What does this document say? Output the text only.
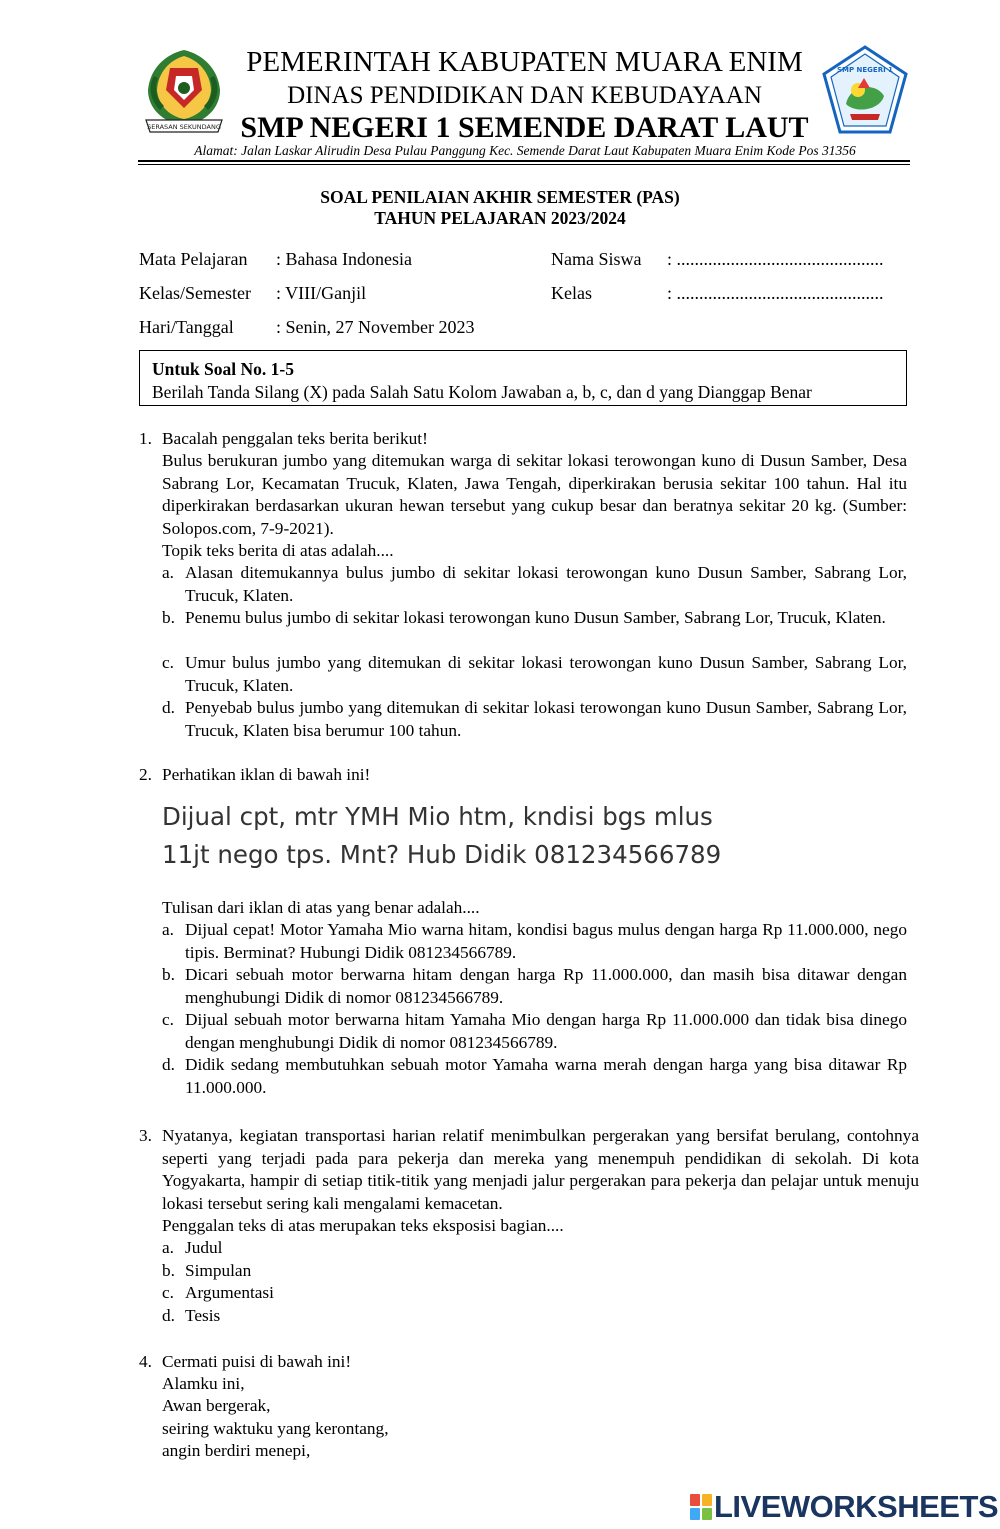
SERASAN SEKUNDANG
PEMERINTAH KABUPATEN MUARA ENIM
DINAS PENDIDIKAN DAN KEBUDAYAAN
SMP NEGERI 1 SEMENDE DARAT LAUT
SMP NEGERI 1
Alamat: Jalan Laskar Alirudin Desa Pulau Panggung Kec. Semende Darat Laut Kabupaten Muara Enim Kode Pos 31356
SOAL PENILAIAN AKHIR SEMESTER (PAS)
TAHUN PELAJARAN 2023/2024
Mata Pelajaran : Bahasa Indonesia
Kelas/Semester : VIII/Ganjil
Hari/Tanggal : Senin, 27 November 2023
Nama Siswa : ..............................................
Kelas	: ..............................................
Untuk Soal No. 1-5
Berilah Tanda Silang (X) pada Salah Satu Kolom Jawaban a, b, c, dan d yang Dianggap Benar
1. Bacalah penggalan teks berita berikut!
Bulus berukuran jumbo yang ditemukan warga di sekitar lokasi terowongan kuno di Dusun Samber, Desa Sabrang Lor, Kecamatan Trucuk, Klaten, Jawa Tengah, diperkirakan berusia sekitar 100 tahun. Hal itu diperkirakan berdasarkan ukuran hewan tersebut yang cukup besar dan beratnya sekitar 20 kg. (Sumber: Solopos.com, 7-9-2021).
Topik teks berita di atas adalah....
a. Alasan ditemukannya bulus jumbo di sekitar lokasi terowongan kuno Dusun Samber, Sabrang Lor, Trucuk, Klaten.
b. Penemu bulus jumbo di sekitar lokasi terowongan kuno Dusun Samber, Sabrang Lor, Trucuk, Klaten.
c. Umur bulus jumbo yang ditemukan di sekitar lokasi terowongan kuno Dusun Samber, Sabrang Lor, Trucuk, Klaten.
d. Penyebab bulus jumbo yang ditemukan di sekitar lokasi terowongan kuno Dusun Samber, Sabrang Lor, Trucuk, Klaten bisa berumur 100 tahun.
2. Perhatikan iklan di bawah ini!
Dijual cpt, mtr YMH Mio htm, kndisi bgs mlus
11jt nego tps. Mnt? Hub Didik 081234566789
Tulisan dari iklan di atas yang benar adalah....
a. Dijual cepat! Motor Yamaha Mio warna hitam, kondisi bagus mulus dengan harga Rp 11.000.000, nego tipis. Berminat? Hubungi Didik 081234566789.
b. Dicari sebuah motor berwarna hitam dengan harga Rp 11.000.000, dan masih bisa ditawar dengan menghubungi Didik di nomor 081234566789.
c. Dijual sebuah motor berwarna hitam Yamaha Mio dengan harga Rp 11.000.000 dan tidak bisa dinego dengan menghubungi Didik di nomor 081234566789.
d. Didik sedang membutuhkan sebuah motor Yamaha warna merah dengan harga yang bisa ditawar Rp 11.000.000.
3. Nyatanya, kegiatan transportasi harian relatif menimbulkan pergerakan yang bersifat berulang, contohnya seperti yang terjadi pada para pekerja dan mereka yang menempuh pendidikan di sekolah. Di kota Yogyakarta, hampir di setiap titik-titik yang menjadi jalur pergerakan para pekerja dan pelajar untuk menuju lokasi tersebut sering kali mengalami kemacetan.
Penggalan teks di atas merupakan teks eksposisi bagian....
a. Judul
b. Simpulan
c. Argumentasi
d. Tesis
4. Cermati puisi di bawah ini!
Alamku ini,
Awan bergerak,
seiring waktuku yang kerontang,
angin berdiri menepi,
LIVEWORKSHEETS
